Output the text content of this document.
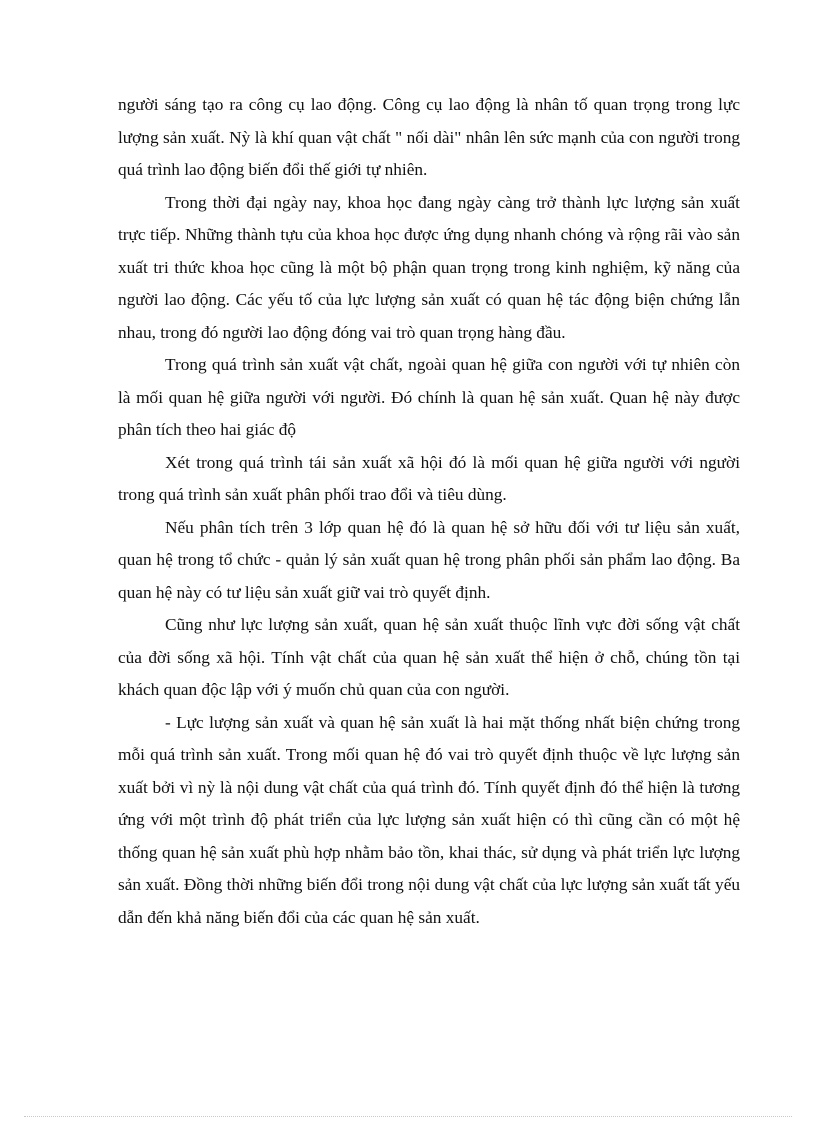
người sáng tạo ra công cụ lao động. Công cụ lao động là nhân tố quan trọng trong lực lượng sản xuất. Nỳ là khí quan vật chất " nối dài" nhân lên sức mạnh của con người trong quá trình lao động biến đổi thế giới tự nhiên.

Trong thời đại ngày nay, khoa học đang ngày càng trở thành lực lượng sản xuất trực tiếp. Những thành tựu của khoa học được ứng dụng nhanh chóng và rộng rãi vào sản xuất tri thức khoa học cũng là một bộ phận quan trọng trong kinh nghiệm, kỹ năng của người lao động. Các yếu tố của lực lượng sản xuất có quan hệ tác động biện chứng lẫn nhau, trong đó người lao động đóng vai trò quan trọng hàng đầu.

Trong quá trình sản xuất vật chất, ngoài quan hệ giữa con người với tự nhiên còn là mối quan hệ giữa người với người. Đó chính là quan hệ sản xuất. Quan hệ này được phân tích theo hai giác độ

Xét trong quá trình tái sản xuất xã hội đó là mối quan hệ giữa người với người trong quá trình sản xuất phân phối trao đổi và tiêu dùng.

Nếu phân tích trên 3 lớp quan hệ đó là quan hệ sở hữu đối với tư liệu sản xuất, quan hệ trong tổ chức - quản lý sản xuất quan hệ trong phân phối sản phẩm lao động. Ba quan hệ này có tư liệu sản xuất giữ vai trò quyết định.

Cũng như lực lượng sản xuất, quan hệ sản xuất thuộc lĩnh vực đời sống vật chất của đời sống xã hội. Tính vật chất của quan hệ sản xuất thể hiện ở chỗ, chúng tồn tại khách quan độc lập với ý muốn chủ quan của con người.

- Lực lượng sản xuất và quan hệ sản xuất là hai mặt thống nhất biện chứng trong mỗi quá trình sản xuất. Trong mối quan hệ đó vai trò quyết định thuộc về lực lượng sản xuất bởi vì nỳ là nội dung vật chất của quá trình đó. Tính quyết định đó thể hiện là tương ứng với một trình độ phát triển của lực lượng sản xuất hiện có thì cũng cần có một hệ thống quan hệ sản xuất phù hợp nhằm bảo tồn, khai thác, sử dụng và phát triển lực lượng sản xuất. Đồng thời những biến đổi trong nội dung vật chất của lực lượng sản xuất tất yếu dẫn đến khả năng biến đổi của các quan hệ sản xuất.
